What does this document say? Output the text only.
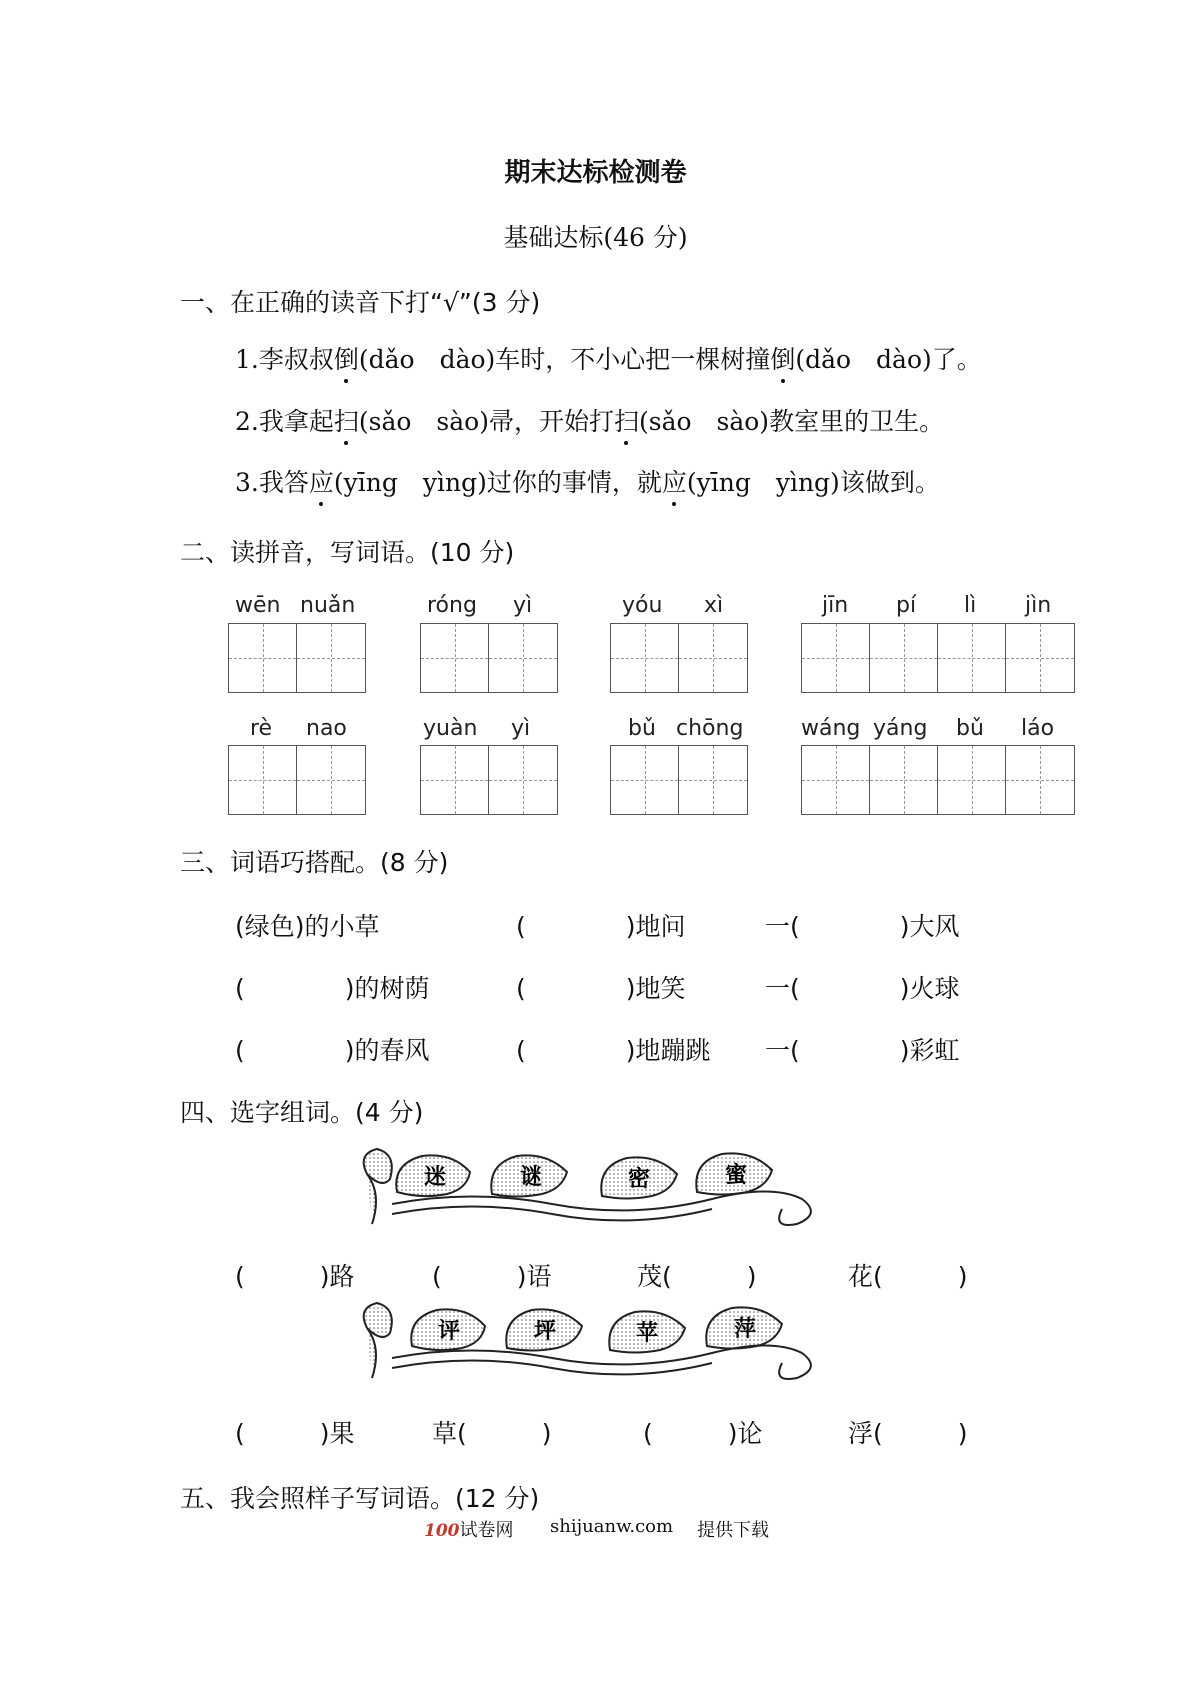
期末达标检测卷
基础达标(46 分)
一、在正确的读音下打“√”(3 分)
1.李叔叔倒(dǎo　dào)车时，不小心把一棵树撞倒(dǎo　dào)了。
2.我拿起扫(sǎo　sào)帚，开始打扫(sǎo　sào)教室里的卫生。
3.我答应(yīng　yìng)过你的事情，就应(yīng　yìng)该做到。
二、读拼音，写词语。(10 分)
wēn nuǎn	róng yì	yóu xì	jīn pí lì jìn
rè nao	yuàn yì	bǔ chōng	wáng yáng bǔ láo
三、词语巧搭配。(8 分)
(绿色)的小草	(　　　　)地问	一(　　　　)大风
(　　　　)的树荫	(　　　　)地笑	一(　　　　)火球
(　　　　)的春风	(　　　　)地蹦跳 一(　　　　)彩虹
四、选字组词。(4 分)
迷	谜	密	蜜
(　　　)路	(　　　)语	茂(　　　)	花(　　　)
评	坪	苹	萍
(　　　)果	草(　　　)	(　　　)论	浮(　　　)
五、我会照样子写词语。(12 分)
100试卷网 shijuanw.com 提供下载
